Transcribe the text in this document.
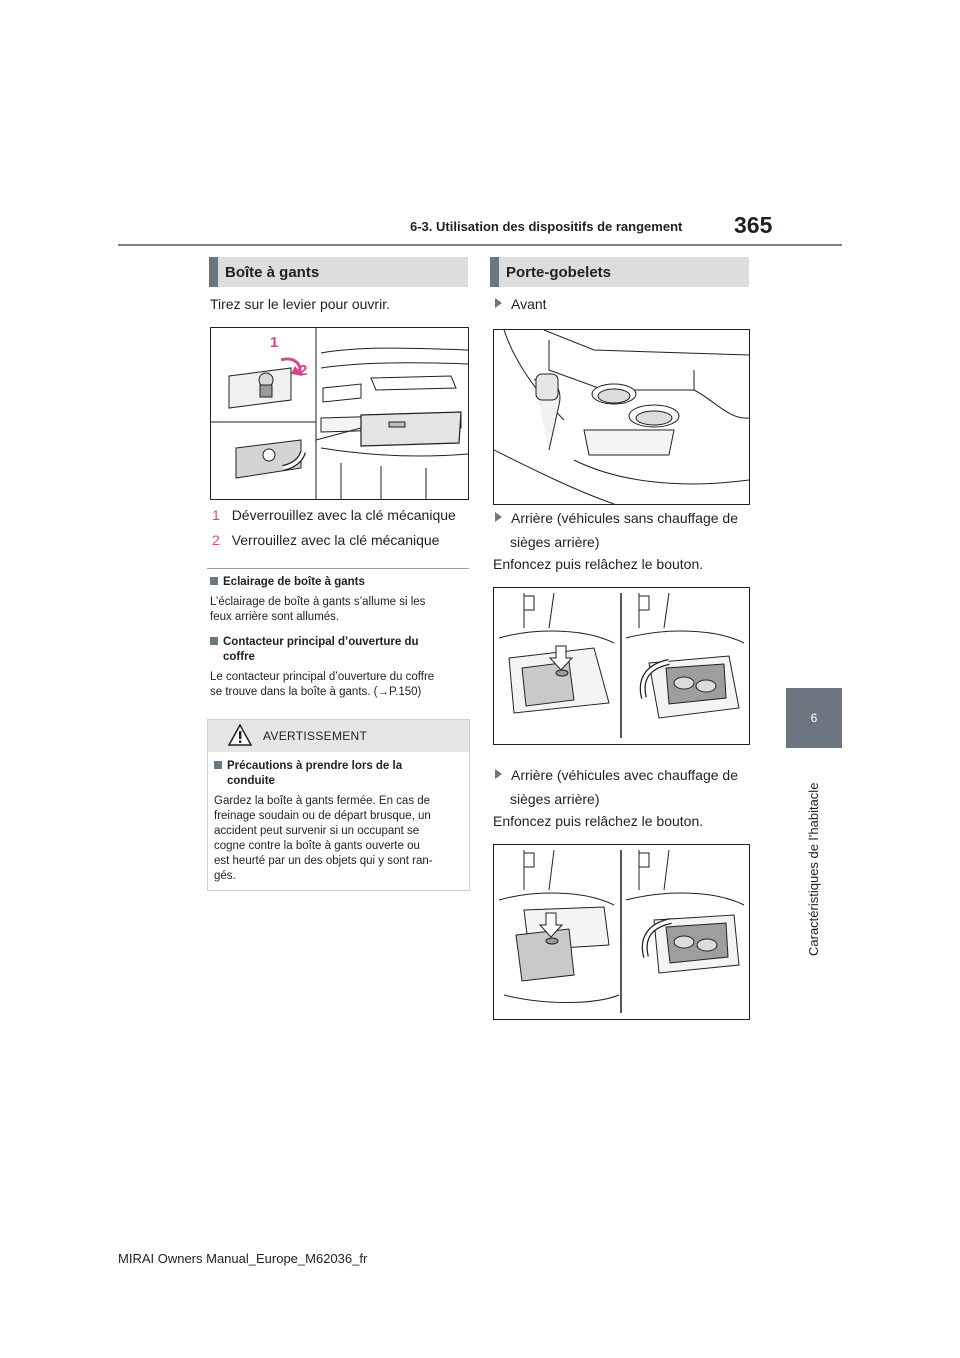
6-3. Utilisation des dispositifs de rangement 365
6
Caractéristiques de l’habitacle
Boîte à gants
Tirez sur le levier pour ouvrir.
1
2
1 Déverrouillez avec la clé mécanique
2 Verrouillez avec la clé mécanique
Eclairage de boîte à gants
L’éclairage de boîte à gants s’allume si les
feux arrière sont allumés.
Contacteur principal d’ouverture du
coffre
Le contacteur principal d’ouverture du coffre
se trouve dans la boîte à gants. (→P.150)
AVERTISSEMENT
Précautions à prendre lors de la
conduite
Gardez la boîte à gants fermée. En cas de
freinage soudain ou de départ brusque, un
accident peut survenir si un occupant se
cogne contre la boîte à gants ouverte ou
est heurté par un des objets qui y sont ran-
gés.
Porte-gobelets
Avant
Arrière (véhicules sans chauffage de
sièges arrière)
Enfoncez puis relâchez le bouton.
Arrière (véhicules avec chauffage de
sièges arrière)
Enfoncez puis relâchez le bouton.
MIRAI Owners Manual_Europe_M62036_fr
